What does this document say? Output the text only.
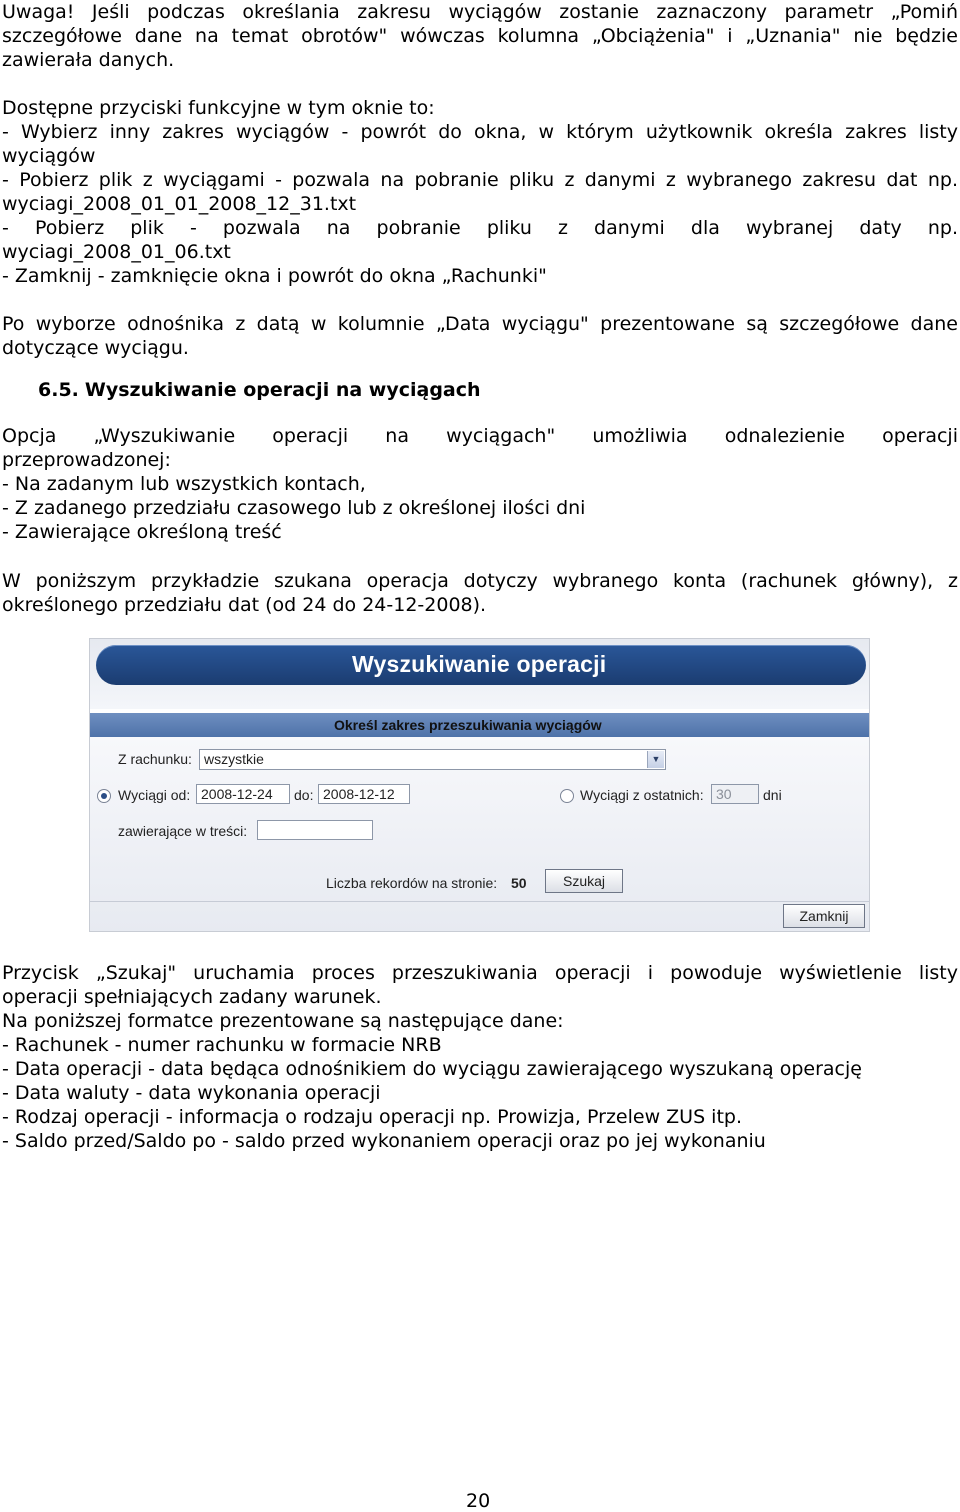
Uwaga! Jeśli podczas określania zakresu wyciągów zostanie zaznaczony parametr „Pomiń
szczegółowe dane na temat obrotów" wówczas kolumna „Obciążenia" i „Uznania" nie będzie
zawierała danych.
Dostępne przyciski funkcyjne w tym oknie to:
- Wybierz inny zakres wyciągów - powrót do okna, w którym użytkownik określa zakres listy
wyciągów
- Pobierz plik z wyciągami - pozwala na pobranie pliku z danymi z wybranego zakresu dat np.
wyciagi_2008_01_01_2008_12_31.txt
- Pobierz plik - pozwala na pobranie pliku z danymi dla wybranej daty np.
wyciagi_2008_01_06.txt
- Zamknij - zamknięcie okna i powrót do okna „Rachunki"
Po wyborze odnośnika z datą w kolumnie „Data wyciągu" prezentowane są szczegółowe dane
dotyczące wyciągu.
6.5. Wyszukiwanie operacji na wyciągach
Opcja „Wyszukiwanie operacji na wyciągach" umożliwia odnalezienie operacji
przeprowadzonej:
- Na zadanym lub wszystkich kontach,
- Z zadanego przedziału czasowego lub z określonej ilości dni
- Zawierające określoną treść
W poniższym przykładzie szukana operacja dotyczy wybranego konta (rachunek główny), z
określonego przedziału dat (od 24 do 24-12-2008).
Wyszukiwanie operacji
Określ zakres przeszukiwania wyciągów
Z rachunku: wszystkie	▼
Wyciągi od: 2008-12-24	do: 2008-12-12	Wyciągi z ostatnich: 30	dni
zawierające w treści:
Liczba rekordów na stronie: 50	Szukaj
Zamknij
Przycisk „Szukaj" uruchamia proces przeszukiwania operacji i powoduje wyświetlenie listy
operacji spełniających zadany warunek.
Na poniższej formatce prezentowane są następujące dane:
- Rachunek - numer rachunku w formacie NRB
- Data operacji - data będąca odnośnikiem do wyciągu zawierającego wyszukaną operację
- Data waluty - data wykonania operacji
- Rodzaj operacji - informacja o rodzaju operacji np. Prowizja, Przelew ZUS itp.
- Saldo przed/Saldo po - saldo przed wykonaniem operacji oraz po jej wykonaniu
20
